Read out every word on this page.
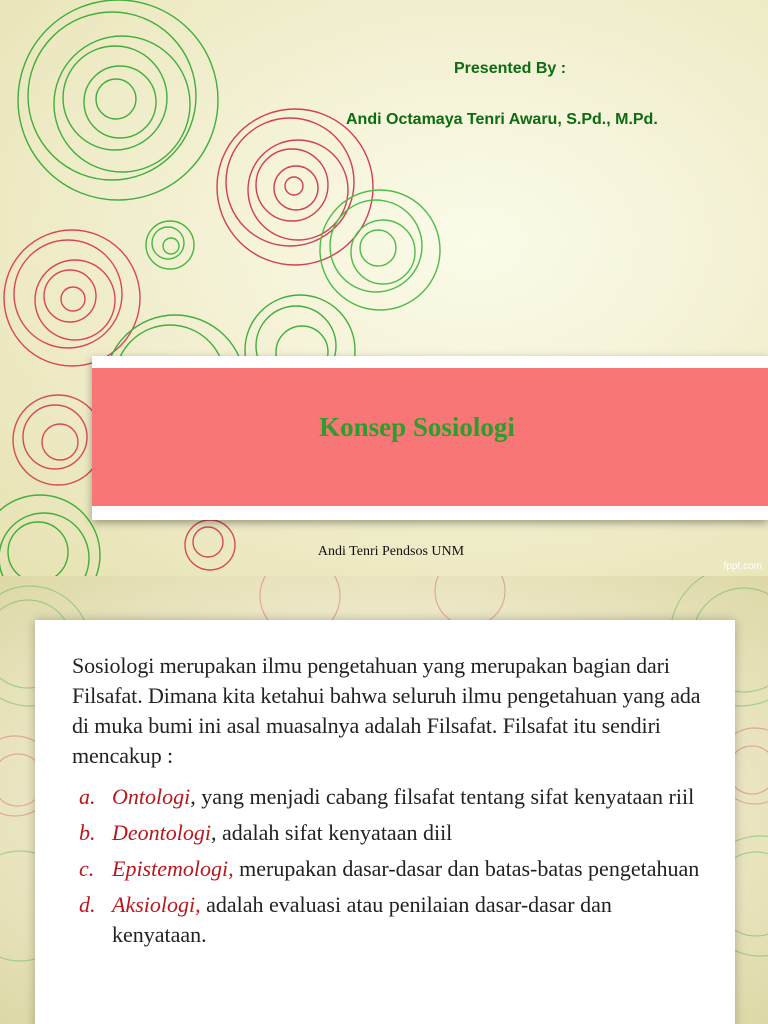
Presented By :

Andi Octamaya Tenri Awaru, S.Pd., M.Pd.

Konsep Sosiologi

Andi Tenri Pendsos UNM

fppt.com

Sosiologi merupakan ilmu pengetahuan yang merupakan bagian dari Filsafat. Dimana kita ketahui bahwa seluruh ilmu pengetahuan yang ada di muka bumi ini asal muasalnya adalah Filsafat. Filsafat itu sendiri mencakup :

a. Ontologi, yang menjadi cabang filsafat tentang sifat kenyataan riil
b. Deontologi, adalah sifat kenyataan diil
c. Epistemologi, merupakan dasar-dasar dan batas-batas pengetahuan
d. Aksiologi, adalah evaluasi atau penilaian dasar-dasar dan kenyataan.
